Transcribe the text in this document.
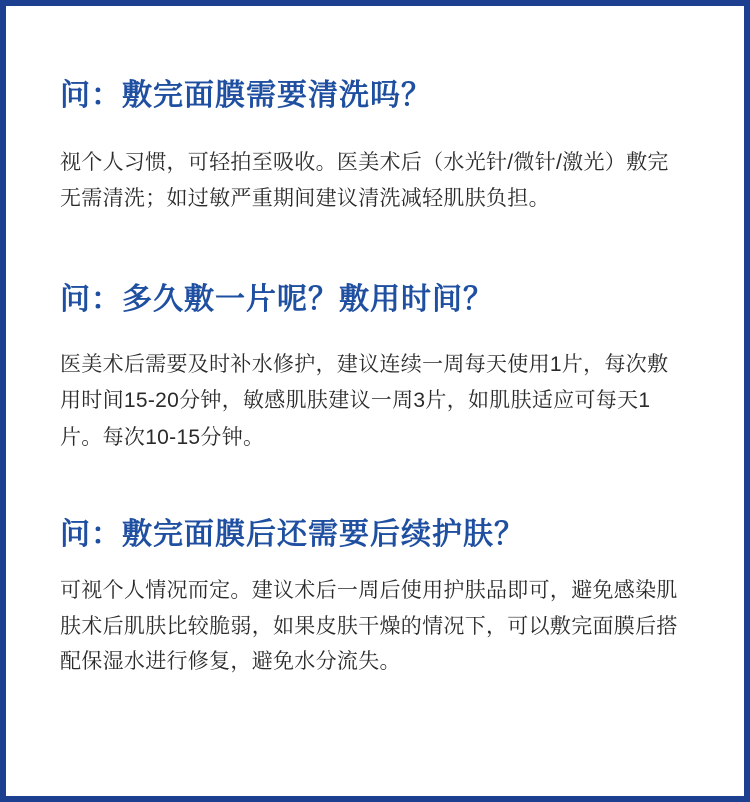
问：敷完面膜需要清洗吗？

视个人习惯，可轻拍至吸收。医美术后（水光针/微针/激光）敷完无需清洗；如过敏严重期间建议清洗减轻肌肤负担。

问：多久敷一片呢？敷用时间？

医美术后需要及时补水修护，建议连续一周每天使用1片，每次敷用时间15-20分钟，敏感肌肤建议一周3片，如肌肤适应可每天1片。每次10-15分钟。

问：敷完面膜后还需要后续护肤？

可视个人情况而定。建议术后一周后使用护肤品即可，避免感染肌肤术后肌肤比较脆弱，如果皮肤干燥的情况下，可以敷完面膜后搭配保湿水进行修复，避免水分流失。
